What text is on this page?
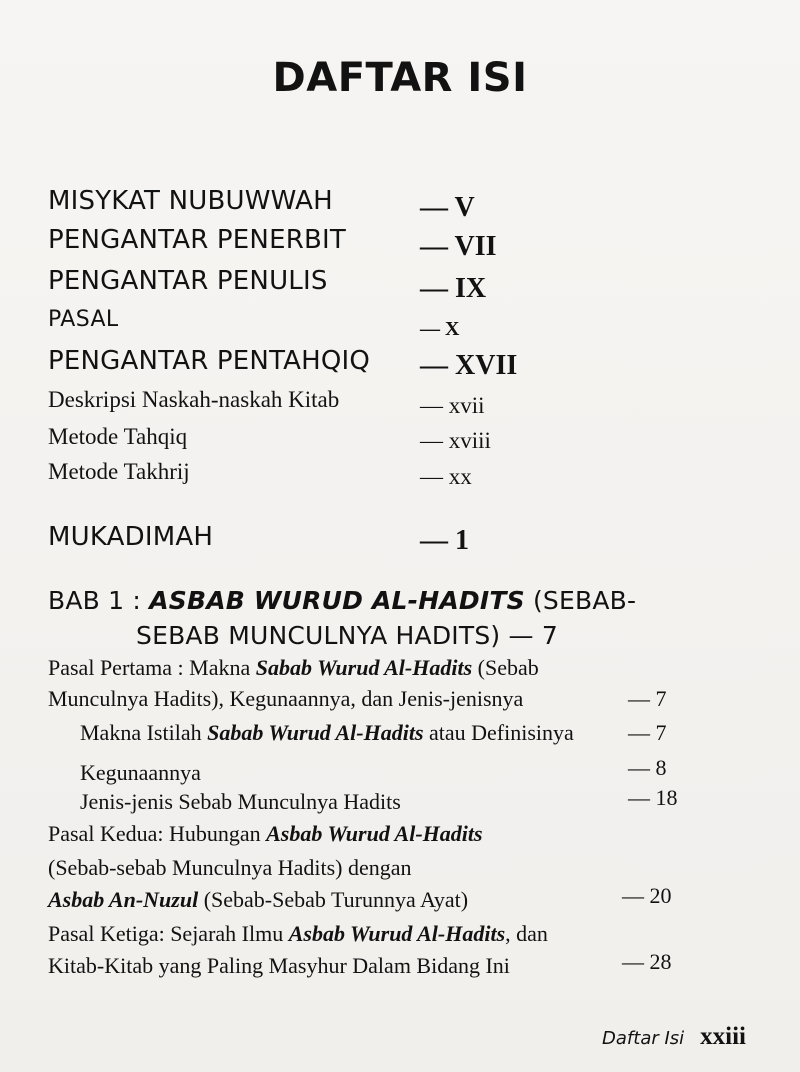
DAFTAR ISI
MISYKAT NUBUWWAH	— V
PENGANTAR PENERBIT	— VII
PENGANTAR PENULIS	— IX
PASAL	— X
PENGANTAR PENTAHQIQ — XVII
Deskripsi Naskah-naskah Kitab	— xvii
Metode Tahqiq	— xviii
Metode Takhrij	— xx
MUKADIMAH	— 1
BAB 1 : ASBAB WURUD AL-HADITS (SEBAB-
SEBAB MUNCULNYA HADITS) — 7
Pasal Pertama : Makna Sabab Wurud Al-Hadits (Sebab
Munculnya Hadits), Kegunaannya, dan Jenis-jenisnya	— 7
Makna Istilah Sabab Wurud Al-Hadits atau Definisinya — 7
Kegunaannya	— 8
Jenis-jenis Sebab Munculnya Hadits	— 18
Pasal Kedua: Hubungan Asbab Wurud Al-Hadits
(Sebab-sebab Munculnya Hadits) dengan
Asbab An-Nuzul (Sebab-Sebab Turunnya Ayat)	— 20
Pasal Ketiga: Sejarah Ilmu Asbab Wurud Al-Hadits, dan
Kitab-Kitab yang Paling Masyhur Dalam Bidang Ini	— 28
Daftar Isi xxiii
